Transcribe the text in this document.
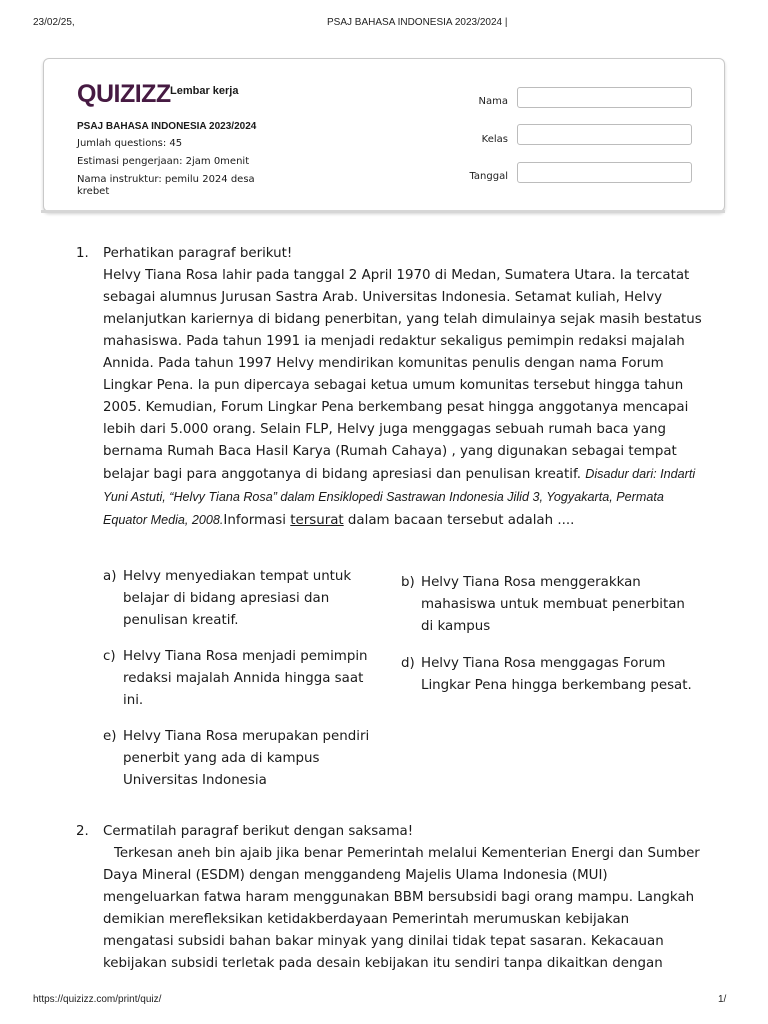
23/02/25,	PSAJ BAHASA INDONESIA 2023/2024 |
QUIZIZZ Lembar kerja
PSAJ BAHASA INDONESIA 2023/2024
Jumlah questions: 45
Estimasi pengerjaan: 2jam 0menit
Nama instruktur: pemilu 2024 desa krebet
Nama
Kelas
Tanggal
1. Perhatikan paragraf berikut!
Helvy Tiana Rosa lahir pada tanggal 2 April 1970 di Medan, Sumatera Utara. Ia tercatat sebagai alumnus Jurusan Sastra Arab. Universitas Indonesia. Setamat kuliah, Helvy melanjutkan kariernya di bidang penerbitan, yang telah dimulainya sejak masih bestatus mahasiswa. Pada tahun 1991 ia menjadi redaktur sekaligus pemimpin redaksi majalah Annida. Pada tahun 1997 Helvy mendirikan komunitas penulis dengan nama Forum Lingkar Pena. Ia pun dipercaya sebagai ketua umum komunitas tersebut hingga tahun 2005. Kemudian, Forum Lingkar Pena berkembang pesat hingga anggotanya mencapai lebih dari 5.000 orang. Selain FLP, Helvy juga menggagas sebuah rumah baca yang bernama Rumah Baca Hasil Karya (Rumah Cahaya) , yang digunakan sebagai tempat belajar bagi para anggotanya di bidang apresiasi dan penulisan kreatif. Disadur dari: Indarti Yuni Astuti, “Helvy Tiana Rosa” dalam Ensiklopedi Sastrawan Indonesia Jilid 3, Yogyakarta, Permata Equator Media, 2008.Informasi tersurat dalam bacaan tersebut adalah ....
a) Helvy menyediakan tempat untuk belajar di bidang apresiasi dan penulisan kreatif.
b) Helvy Tiana Rosa menggerakkan mahasiswa untuk membuat penerbitan di kampus
c) Helvy Tiana Rosa menjadi pemimpin redaksi majalah Annida hingga saat ini.
d) Helvy Tiana Rosa menggagas Forum Lingkar Pena hingga berkembang pesat.
e) Helvy Tiana Rosa merupakan pendiri penerbit yang ada di kampus Universitas Indonesia
2. Cermatilah paragraf berikut dengan saksama!
Terkesan aneh bin ajaib jika benar Pemerintah melalui Kementerian Energi dan Sumber Daya Mineral (ESDM) dengan menggandeng Majelis Ulama Indonesia (MUI) mengeluarkan fatwa haram menggunakan BBM bersubsidi bagi orang mampu. Langkah demikian merefleksikan ketidakberdayaan Pemerintah merumuskan kebijakan mengatasi subsidi bahan bakar minyak yang dinilai tidak tepat sasaran. Kekacauan kebijakan subsidi terletak pada desain kebijakan itu sendiri tanpa dikaitkan dengan
https://quizizz.com/print/quiz/	1/
